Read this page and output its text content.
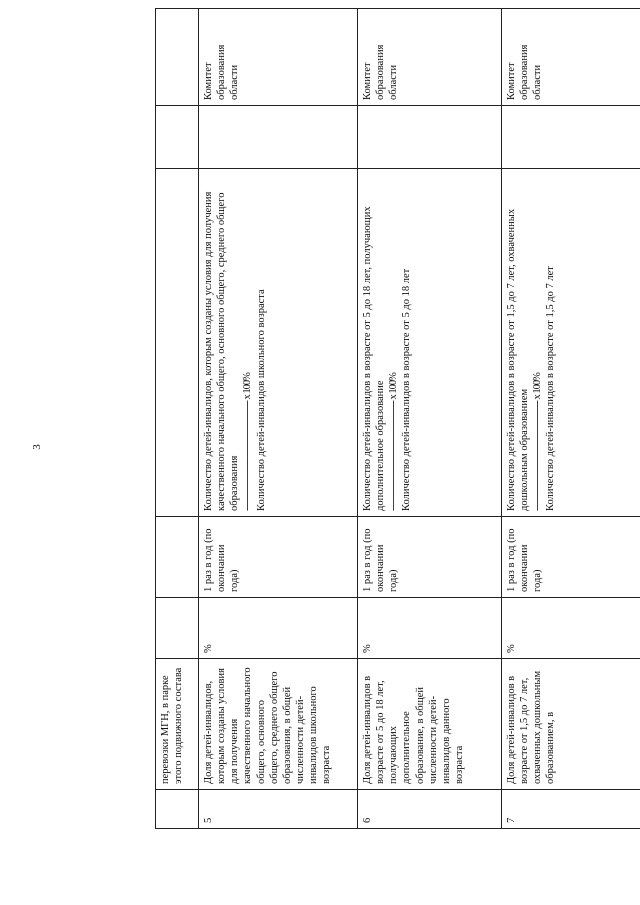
3
	перевозки МГН, в парке этого подвижного состава					
5	Доля детей-инвалидов, которым созданы условия для получения качественного начального общего, основного общего, среднего общего образования, в общей численности детей-инвалидов школьного возраста	%	1 раз в год (по окончании года)	Количество детей-инвалидов, которым созданы условия для получения качественного начального общего, основного общего, среднего общего образования -------------------------------------------- х 100% Количество детей-инвалидов школьного возраста		Комитет образования области
6	Доля детей-инвалидов в возрасте от 5 до 18 лет, получающих дополнительное образование, в общей численности детей-инвалидов данного возраста	%	1 раз в год (по окончании года)	Количество детей-инвалидов в возрасте от 5 до 18 лет, получающих дополнительное образование -------------------------------------------- х 100% Количество детей-инвалидов в возрасте от 5 до 18 лет		Комитет образования области
7	Доля детей-инвалидов в возрасте от 1,5 до 7 лет, охваченных дошкольным образованием, в	%	1 раз в год (по окончании года)	Количество детей-инвалидов в возрасте от 1,5 до 7 лет, охваченных дошкольным образованием -------------------------------------------- х 100% Количество детей-инвалидов в возрасте от 1,5 до 7 лет		Комитет образования области
